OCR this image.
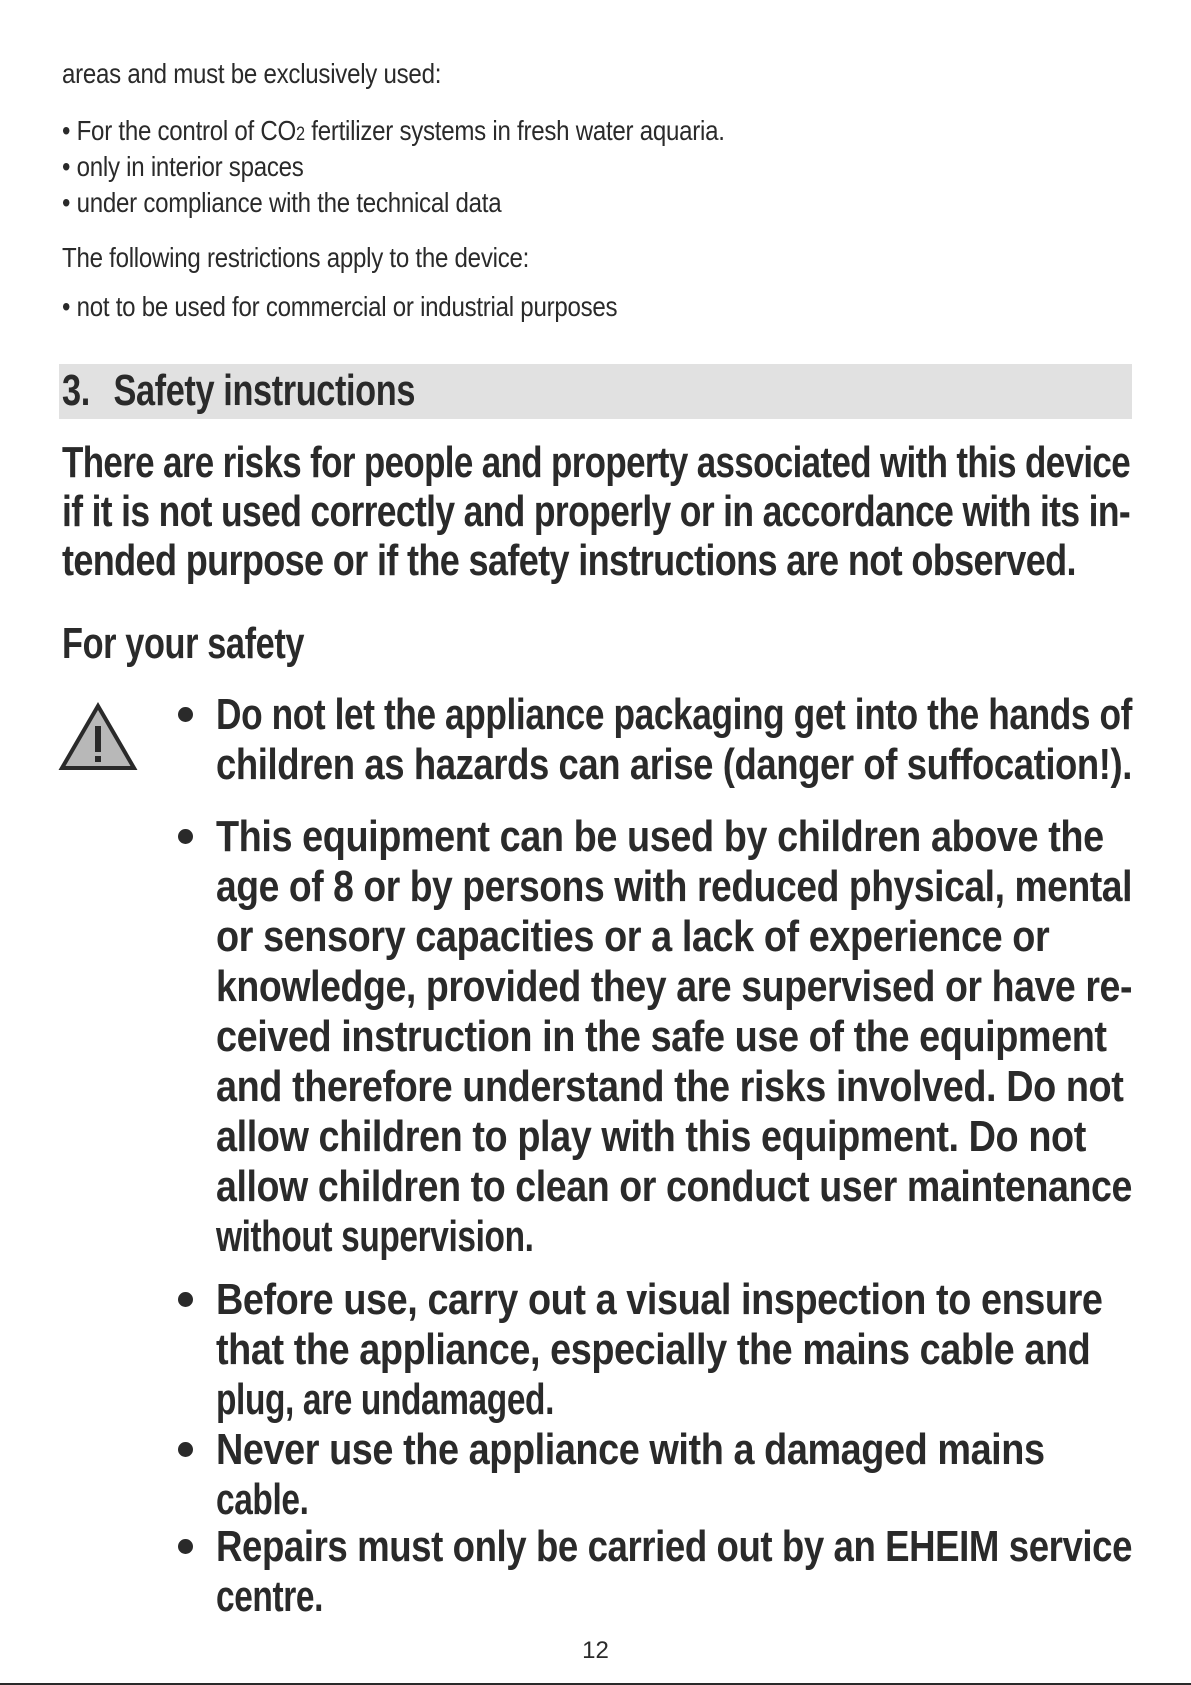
areas and must be exclusively used:
• For the control of CO2 fertilizer systems in fresh water aquaria.
• only in interior spaces
• under compliance with the technical data
The following restrictions apply to the device:
• not to be used for commercial or industrial purposes
3. Safety instructions
There are risks for people and property associated with this device
if it is not used correctly and properly or in accordance with its in-
tended purpose or if the safety instructions are not observed.
For your safety
Do not let the appliance packaging get into the hands of
children as hazards can arise (danger of suffocation!).
This equipment can be used by children above the
age of 8 or by persons with reduced physical, mental
or sensory capacities or a lack of experience or
knowledge, provided they are supervised or have re-
ceived instruction in the safe use of the equipment
and therefore understand the risks involved. Do not
allow children to play with this equipment. Do not
allow children to clean or conduct user maintenance
without supervision.
Before use, carry out a visual inspection to ensure
that the appliance, especially the mains cable and
plug, are undamaged.
Never use the appliance with a damaged mains
cable.
Repairs must only be carried out by an EHEIM service
centre.
12
